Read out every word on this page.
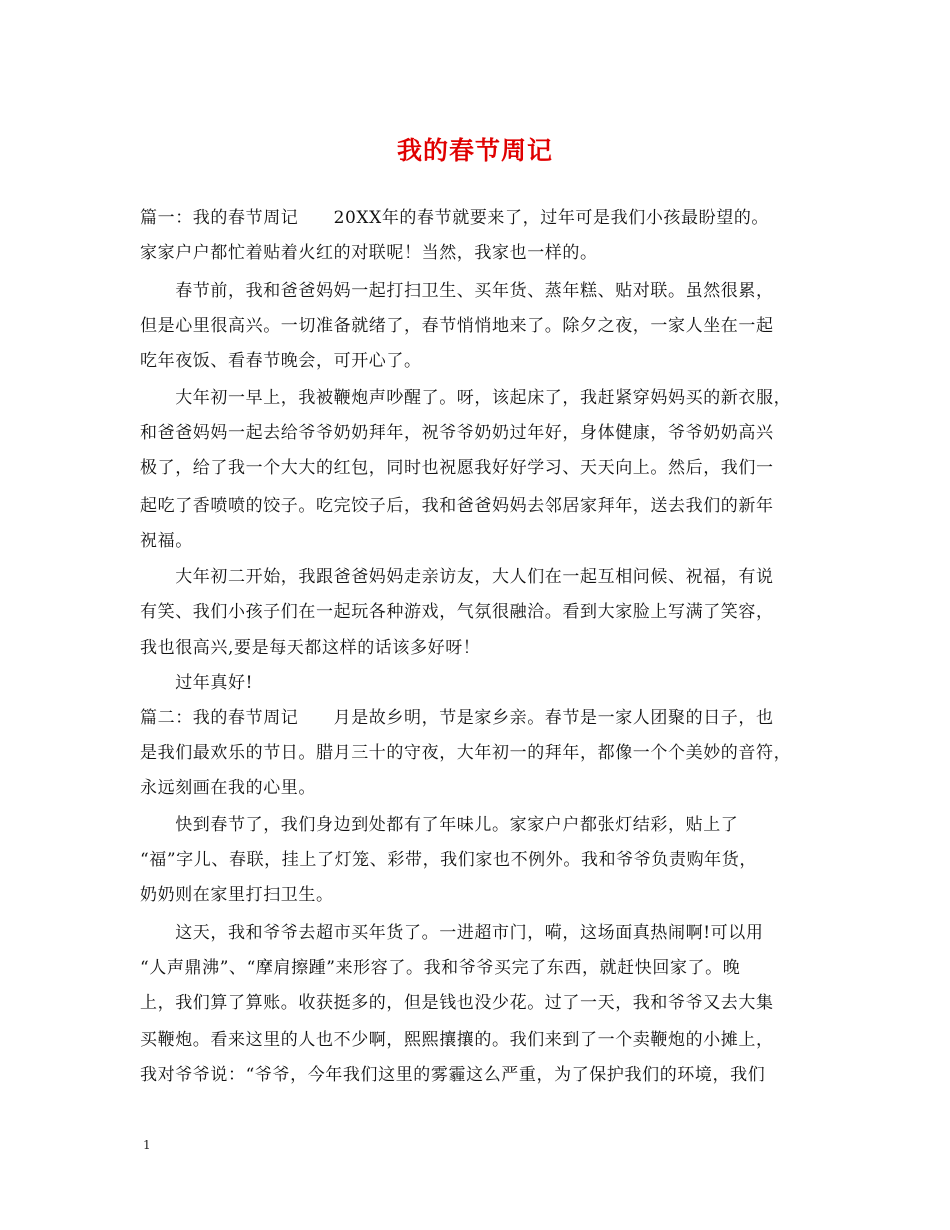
我的春节周记
篇一：我的春节周记　　20XX年的春节就要来了，过年可是我们小孩最盼望的。
家家户户都忙着贴着火红的对联呢！当然，我家也一样的。
　　春节前，我和爸爸妈妈一起打扫卫生、买年货、蒸年糕、贴对联。虽然很累，
但是心里很高兴。一切准备就绪了，春节悄悄地来了。除夕之夜，一家人坐在一起
吃年夜饭、看春节晚会，可开心了。
　　大年初一早上，我被鞭炮声吵醒了。呀，该起床了，我赶紧穿妈妈买的新衣服，
和爸爸妈妈一起去给爷爷奶奶拜年，祝爷爷奶奶过年好，身体健康，爷爷奶奶高兴
极了，给了我一个大大的红包，同时也祝愿我好好学习、天天向上。然后，我们一
起吃了香喷喷的饺子。吃完饺子后，我和爸爸妈妈去邻居家拜年，送去我们的新年
祝福。
　　大年初二开始，我跟爸爸妈妈走亲访友，大人们在一起互相问候、祝福，有说
有笑、我们小孩子们在一起玩各种游戏，气氛很融洽。看到大家脸上写满了笑容，
我也很高兴,要是每天都这样的话该多好呀！
　　过年真好!
篇二：我的春节周记　　月是故乡明，节是家乡亲。春节是一家人团聚的日子，也
是我们最欢乐的节日。腊月三十的守夜，大年初一的拜年，都像一个个美妙的音符，
永远刻画在我的心里。
　　快到春节了，我们身边到处都有了年味儿。家家户户都张灯结彩，贴上了
“福”字儿、春联，挂上了灯笼、彩带，我们家也不例外。我和爷爷负责购年货，
奶奶则在家里打扫卫生。
　　这天，我和爷爷去超市买年货了。一进超市门，嗬，这场面真热闹啊!可以用
“人声鼎沸”、“摩肩擦踵”来形容了。我和爷爷买完了东西，就赶快回家了。晚
上，我们算了算账。收获挺多的，但是钱也没少花。过了一天，我和爷爷又去大集
买鞭炮。看来这里的人也不少啊，熙熙攘攘的。我们来到了一个卖鞭炮的小摊上，
我对爷爷说：“爷爷，今年我们这里的雾霾这么严重，为了保护我们的环境，我们
1
